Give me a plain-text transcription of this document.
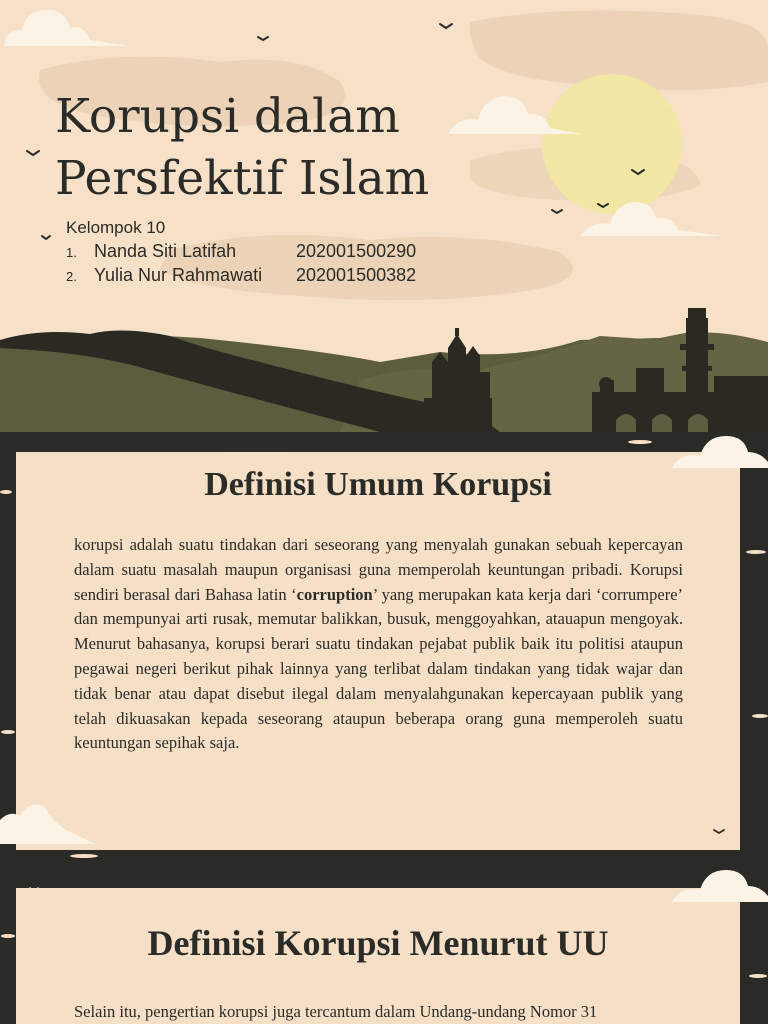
Korupsi dalam
Persfektif Islam
Kelompok 10
1. Nanda Siti Latifah	202001500290
2. Yulia Nur Rahmawati	202001500382
Definisi Umum Korupsi

korupsi adalah suatu tindakan dari seseorang yang menyalah gunakan sebuah kepercayan dalam suatu masalah maupun organisasi guna memperolah keuntungan pribadi. Korupsi sendiri berasal dari Bahasa latin ‘corruption’ yang merupakan kata kerja dari ‘corrumpere’ dan mempunyai arti rusak, memutar balikkan, busuk, menggoyahkan, atauapun mengoyak. Menurut bahasanya, korupsi berari suatu tindakan pejabat publik baik itu politisi ataupun pegawai negeri berikut pihak lainnya yang terlibat dalam tindakan yang tidak wajar dan tidak benar atau dapat disebut ilegal dalam menyalahgunakan kepercayaan publik yang telah dikuasakan kepada seseorang ataupun beberapa orang guna memperoleh suatu keuntungan sepihak saja.

Definisi Korupsi Menurut UU

Selain itu, pengertian korupsi juga tercantum dalam Undang-undang Nomor 31
